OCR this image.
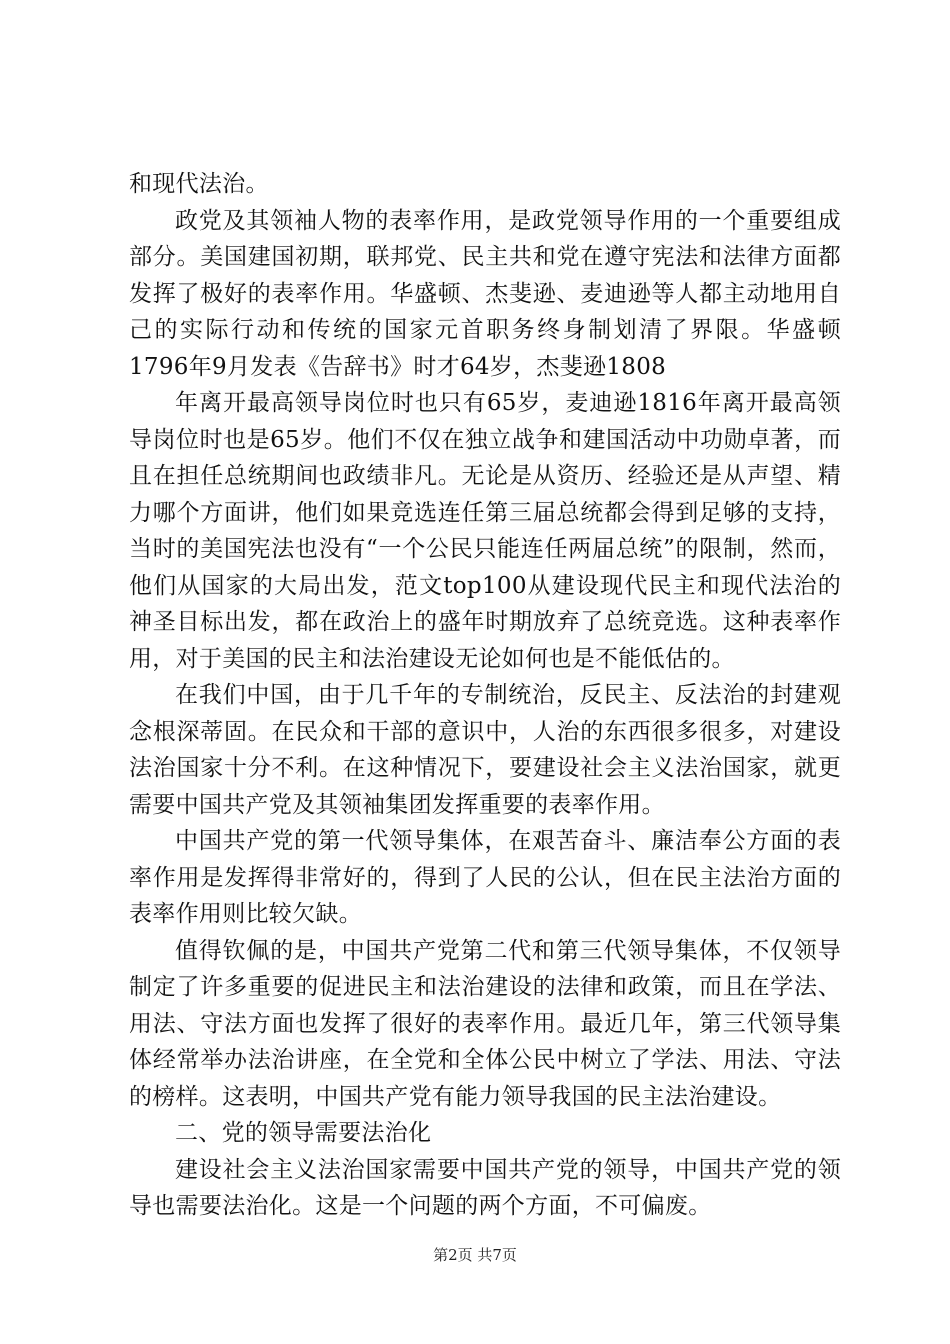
和现代法治。

政党及其领袖人物的表率作用，是政党领导作用的一个重要组成部分。美国建国初期，联邦党、民主共和党在遵守宪法和法律方面都发挥了极好的表率作用。华盛顿、杰斐逊、麦迪逊等人都主动地用自己的实际行动和传统的国家元首职务终身制划清了界限。华盛顿1796年9月发表《告辞书》时才64岁，杰斐逊1808

年离开最高领导岗位时也只有65岁，麦迪逊1816年离开最高领导岗位时也是65岁。他们不仅在独立战争和建国活动中功勋卓著，而且在担任总统期间也政绩非凡。无论是从资历、经验还是从声望、精力哪个方面讲，他们如果竞选连任第三届总统都会得到足够的支持，当时的美国宪法也没有“一个公民只能连任两届总统”的限制，然而，他们从国家的大局出发，范文top100从建设现代民主和现代法治的神圣目标出发，都在政治上的盛年时期放弃了总统竞选。这种表率作用，对于美国的民主和法治建设无论如何也是不能低估的。

在我们中国，由于几千年的专制统治，反民主、反法治的封建观念根深蒂固。在民众和干部的意识中，人治的东西很多很多，对建设法治国家十分不利。在这种情况下，要建设社会主义法治国家，就更需要中国共产党及其领袖集团发挥重要的表率作用。

中国共产党的第一代领导集体，在艰苦奋斗、廉洁奉公方面的表率作用是发挥得非常好的，得到了人民的公认，但在民主法治方面的表率作用则比较欠缺。

值得钦佩的是，中国共产党第二代和第三代领导集体，不仅领导制定了许多重要的促进民主和法治建设的法律和政策，而且在学法、用法、守法方面也发挥了很好的表率作用。最近几年，第三代领导集体经常举办法治讲座，在全党和全体公民中树立了学法、用法、守法的榜样。这表明，中国共产党有能力领导我国的民主法治建设。

二、党的领导需要法治化

建设社会主义法治国家需要中国共产党的领导，中国共产党的领导也需要法治化。这是一个问题的两个方面，不可偏废。

第2页 共7页
